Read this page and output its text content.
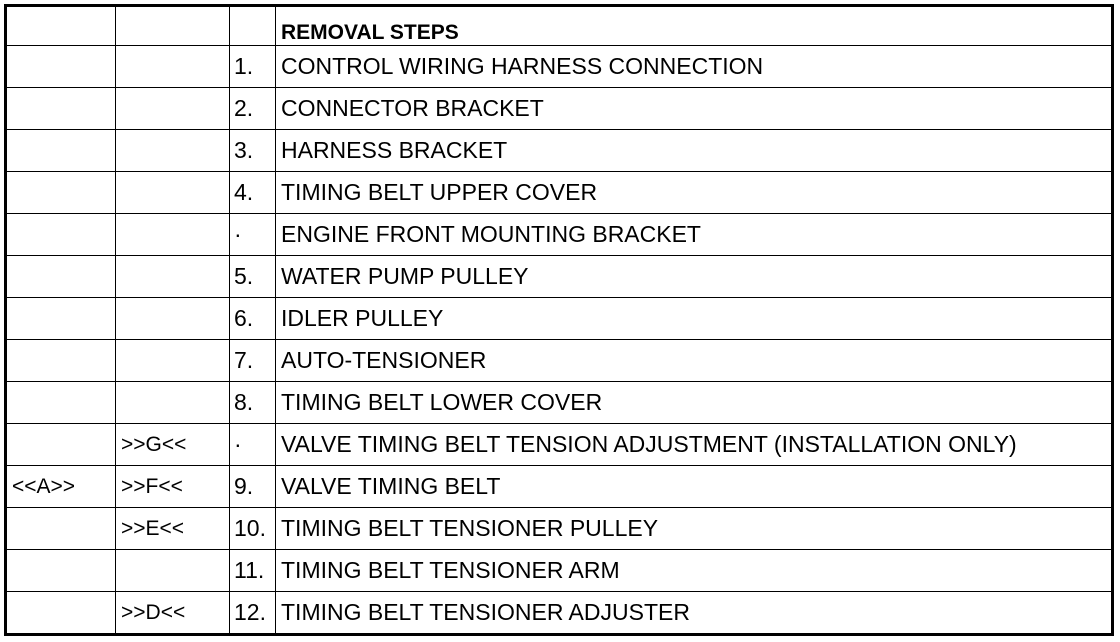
			REMOVAL STEPS
		1.	CONTROL WIRING HARNESS CONNECTION
		2.	CONNECTOR BRACKET
		3.	HARNESS BRACKET
		4.	TIMING BELT UPPER COVER
		·	ENGINE FRONT MOUNTING BRACKET
		5.	WATER PUMP PULLEY
		6.	IDLER PULLEY
		7.	AUTO-TENSIONER
		8.	TIMING BELT LOWER COVER
	>>G<<	·	VALVE TIMING BELT TENSION ADJUSTMENT (INSTALLATION ONLY)
<<A>>	>>F<<	9.	VALVE TIMING BELT
	>>E<<	10.	TIMING BELT TENSIONER PULLEY
		11.	TIMING BELT TENSIONER ARM
	>>D<<	12.	TIMING BELT TENSIONER ADJUSTER
